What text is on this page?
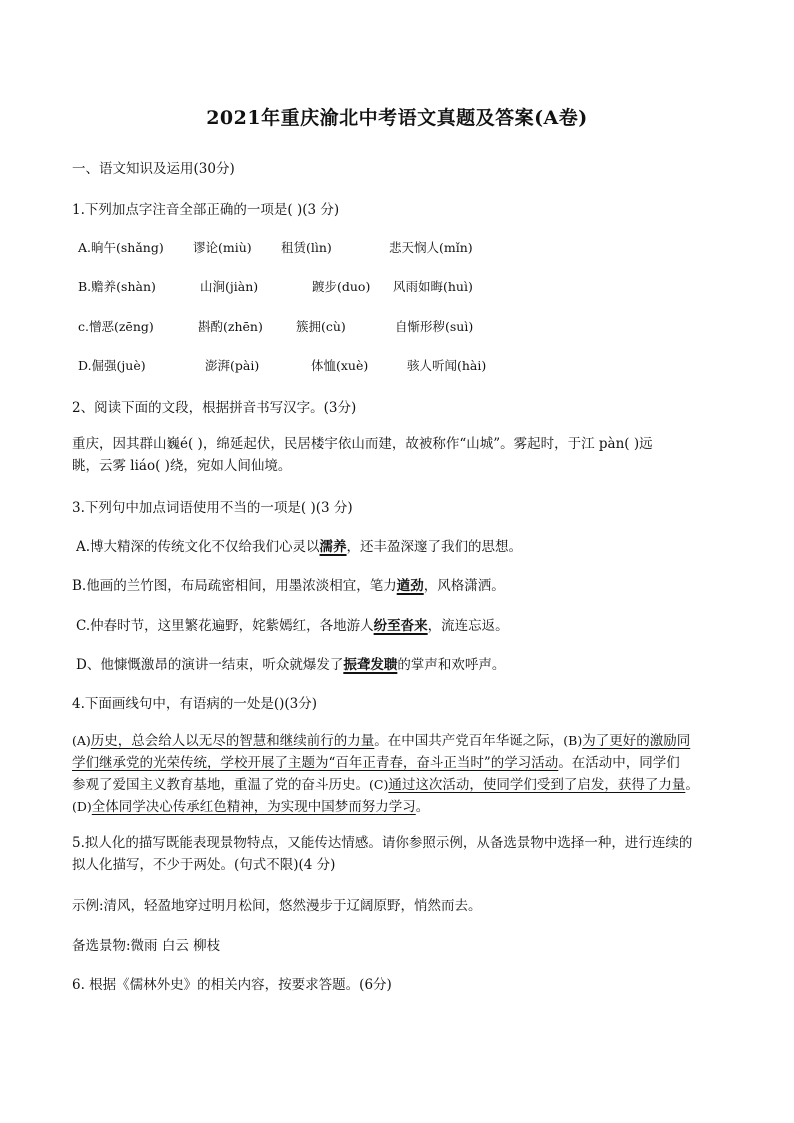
2021年重庆渝北中考语文真题及答案(A卷)
一、语文知识及运用(30分)
1.下列加点字注音全部正确的一项是( )(3 分)
A.晌午(shǎng) 谬论(miù) 租赁(lìn)	悲天悯人(mǐn)
B.赡养(shàn)	山涧(jiàn)	踱步(duo) 风雨如晦(huì)
c.憎恶(zēng)	斟酌(zhēn)	簇拥(cù)	自惭形秽(suì)
D.倔强(juè)	澎湃(pài)	体恤(xuè)	骇人听闻(hài)
2、阅读下面的文段，根据拼音书写汉字。(3分)
重庆，因其群山巍é( )，绵延起伏，民居楼宇依山而建，故被称作“山城”。雾起时，于江 pàn( )远
眺，云雾 liáo( )绕，宛如人间仙境。
3.下列句中加点词语使用不当的一项是( )(3 分)
A.博大精深的传统文化不仅给我们心灵以濡养，还丰盈深邃了我们的思想。
B.他画的兰竹图，布局疏密相间，用墨浓淡相宜，笔力遒劲，风格潇洒。
C.仲春时节，这里繁花遍野，姹紫嫣红，各地游人纷至沓来，流连忘返。
D、他慷慨激昂的演讲一结束，听众就爆发了振聋发聩的掌声和欢呼声。
4.下面画线句中，有语病的一处是()(3分)
(A)历史，总会给人以无尽的智慧和继续前行的力量。在中国共产党百年华诞之际，(B)为了更好的激励同
学们继承党的光荣传统，学校开展了主题为“百年正青春，奋斗正当时”的学习活动。在活动中，同学们
参观了爱国主义教育基地，重温了党的奋斗历史。(C)通过这次活动，使同学们受到了启发，获得了力量。
(D)全体同学决心传承红色精神，为实现中国梦而努力学习。
5.拟人化的描写既能表现景物特点，又能传达情感。请你参照示例，从备选景物中选择一种，进行连续的
拟人化描写，不少于两处。(句式不限)(4 分)
示例:清风，轻盈地穿过明月松间，悠然漫步于辽阔原野，悄然而去。
备选景物:微雨 白云 柳枝
6. 根据《儒林外史》的相关内容，按要求答题。(6分)
